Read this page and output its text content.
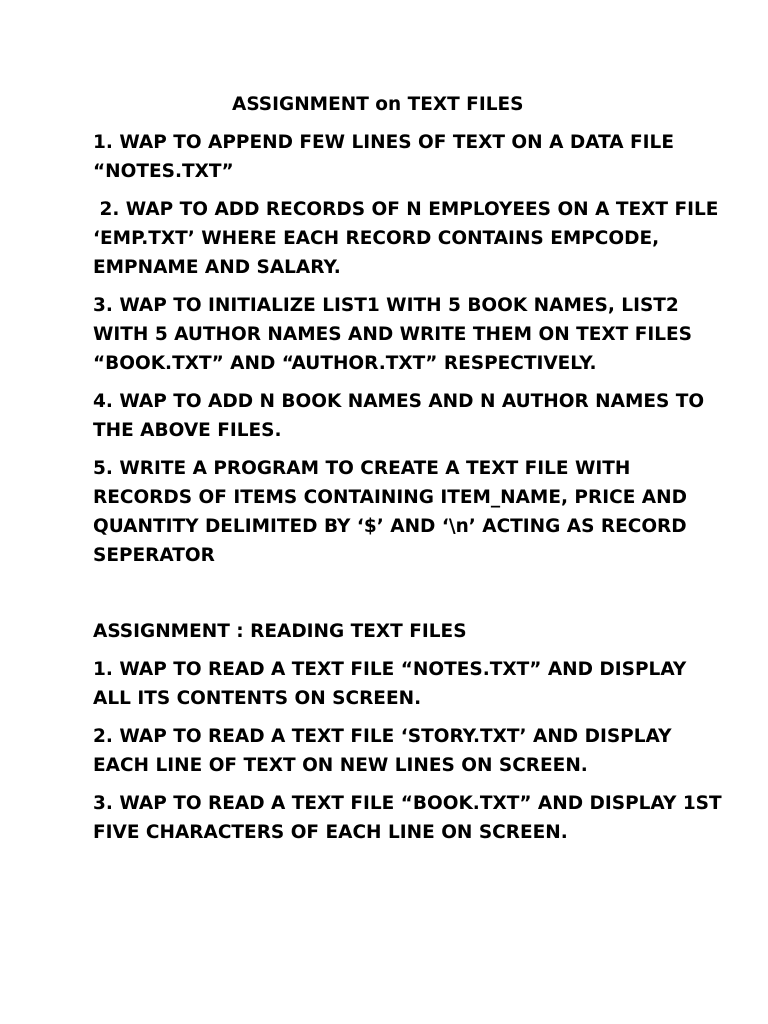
ASSIGNMENT on TEXT FILES
1. WAP TO APPEND FEW LINES OF TEXT ON A DATA FILE
“NOTES.TXT”
2. WAP TO ADD RECORDS OF N EMPLOYEES ON A TEXT FILE
‘EMP.TXT’ WHERE EACH RECORD CONTAINS EMPCODE,
EMPNAME AND SALARY.
3. WAP TO INITIALIZE LIST1 WITH 5 BOOK NAMES, LIST2
WITH 5 AUTHOR NAMES AND WRITE THEM ON TEXT FILES
“BOOK.TXT” AND “AUTHOR.TXT” RESPECTIVELY.
4. WAP TO ADD N BOOK NAMES AND N AUTHOR NAMES TO
THE ABOVE FILES.
5. WRITE A PROGRAM TO CREATE A TEXT FILE WITH
RECORDS OF ITEMS CONTAINING ITEM_NAME, PRICE AND
QUANTITY DELIMITED BY ‘$’ AND ‘\n’ ACTING AS RECORD
SEPERATOR
ASSIGNMENT : READING TEXT FILES
1. WAP TO READ A TEXT FILE “NOTES.TXT” AND DISPLAY
ALL ITS CONTENTS ON SCREEN.
2. WAP TO READ A TEXT FILE ‘STORY.TXT’ AND DISPLAY
EACH LINE OF TEXT ON NEW LINES ON SCREEN.
3. WAP TO READ A TEXT FILE “BOOK.TXT” AND DISPLAY 1ST
FIVE CHARACTERS OF EACH LINE ON SCREEN.
